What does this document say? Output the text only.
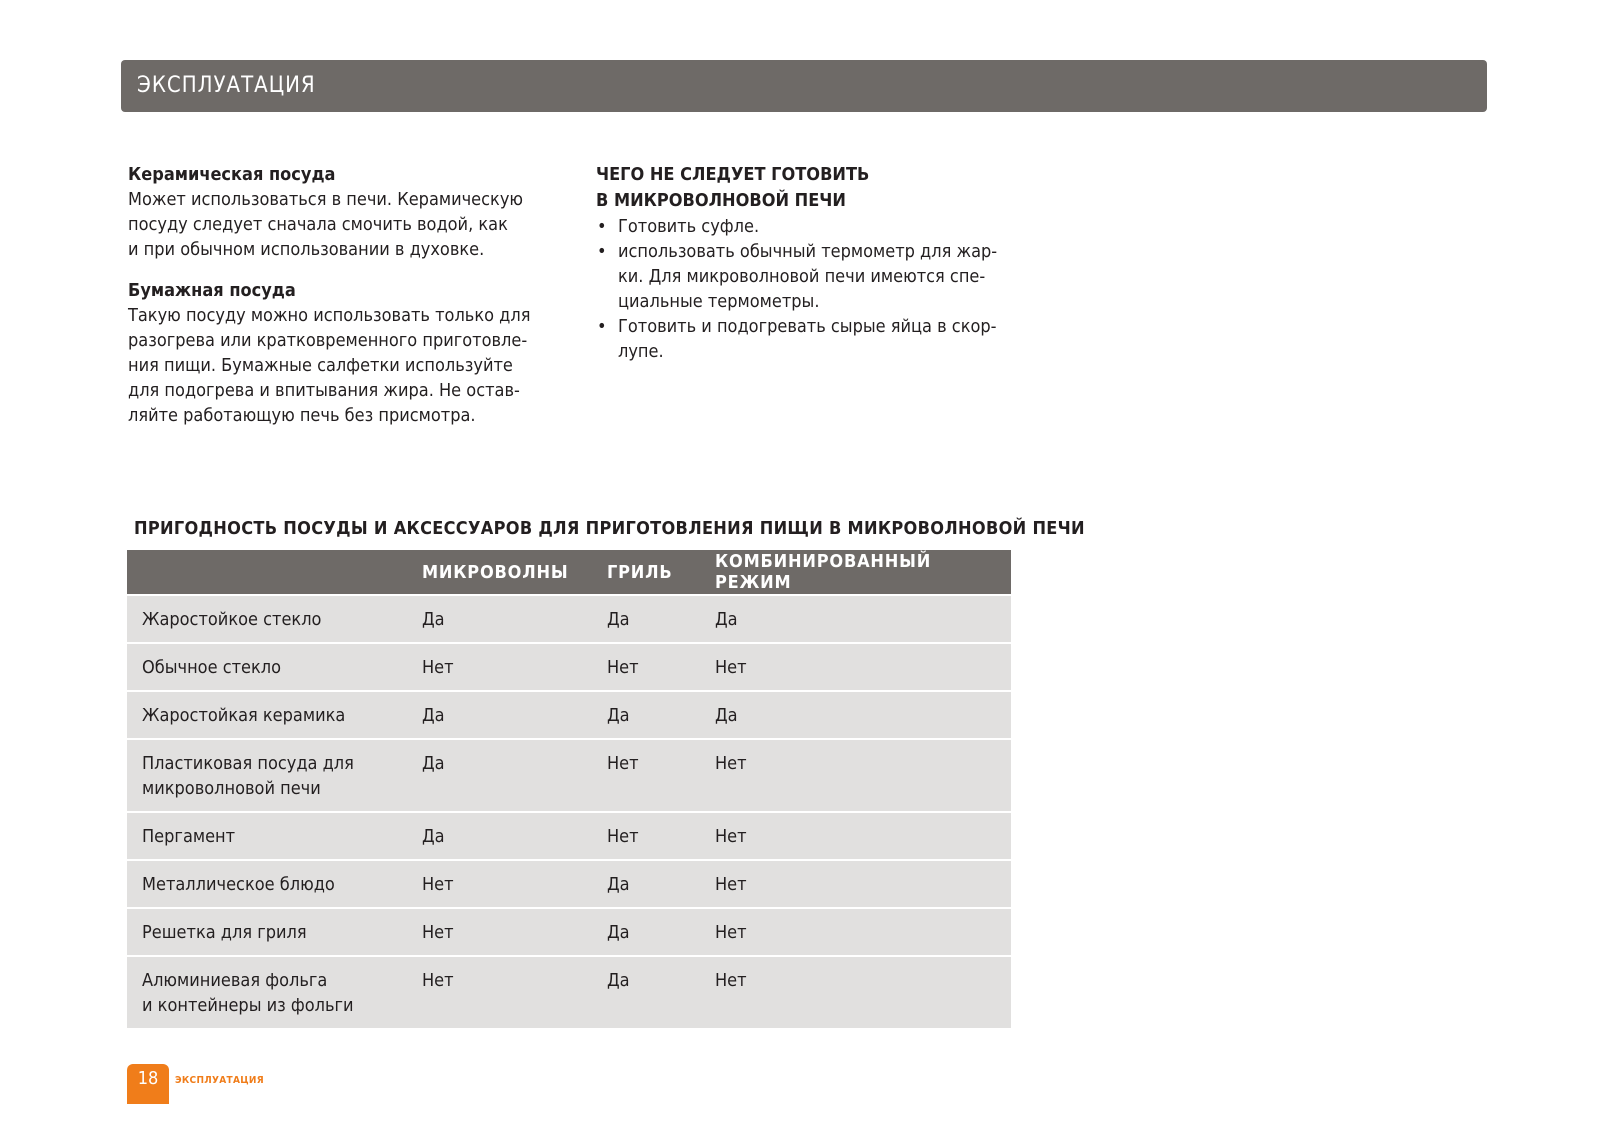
ЭКСПЛУАТАЦИЯ

Керамическая посуда

Может использоваться в печи. Керамическую

посуду следует сначала смочить водой, как

и при обычном использовании в духовке.

Бумажная посуда

Такую посуду можно использовать только для

разогрева или кратковременного приготовле-

ния пищи. Бумажные салфетки используйте

для подогрева и впитывания жира. Не остав-

ляйте работающую печь без присмотра.

ЧЕГО НЕ СЛЕДУЕТ ГОТОВИТЬ

В МИКРОВОЛНОВОЙ ПЕЧИ

• Готовить суфле.
• использовать обычный термометр для жар-
ки. Для микроволновой печи имеются спе-
циальные термометры.
• Готовить и подогревать сырые яйца в скор-
лупе.
ПРИГОДНОСТЬ ПОСУДЫ И АКСЕССУАРОВ ДЛЯ ПРИГОТОВЛЕНИЯ ПИЩИ В МИКРОВОЛНОВОЙ ПЕЧИ
	МИКРОВОЛНЫ	ГРИЛЬ	КОМБИНИРОВАННЫЙ РЕЖИМ

Жаростойкое стекло	Да	Да	Да

Обычное стекло	Нет	Нет	Нет

Жаростойкая керамика	Да	Да	Да

Пластиковая посуда для
микроволновой печи	Да	Нет	Нет

Пергамент	Да	Нет	Нет

Металлическое блюдо	Нет	Да	Нет

Решетка для гриля	Нет	Да	Нет

Алюминиевая фольга
и контейнеры из фольги	Нет	Да	Нет
18	ЭКСПЛУАТАЦИЯ
